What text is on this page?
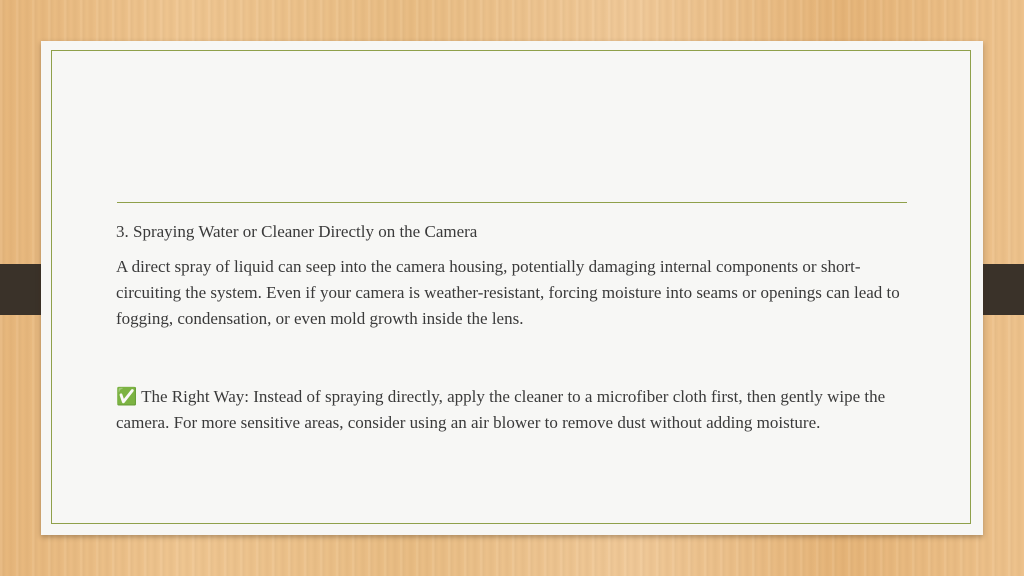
3. Spraying Water or Cleaner Directly on the Camera

A direct spray of liquid can seep into the camera housing, potentially damaging internal components or short-circuiting the system. Even if your camera is weather-resistant, forcing moisture into seams or openings can lead to fogging, condensation, or even mold growth inside the lens.

✅ The Right Way: Instead of spraying directly, apply the cleaner to a microfiber cloth first, then gently wipe the camera. For more sensitive areas, consider using an air blower to remove dust without adding moisture.
